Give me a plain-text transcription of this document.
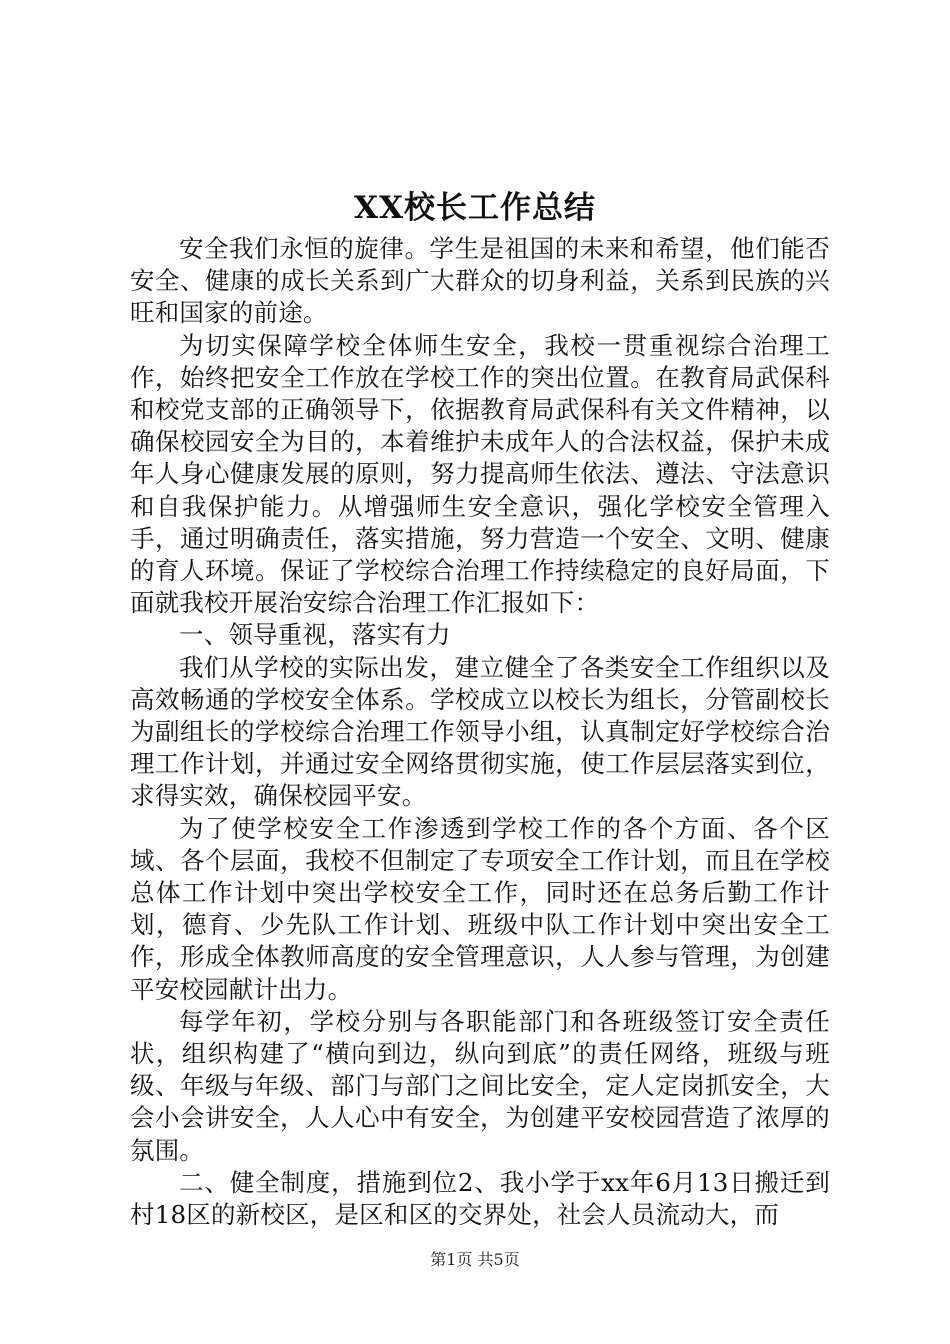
XX校长工作总结

安全我们永恒的旋律。学生是祖国的未来和希望，他们能否安全、健康的成长关系到广大群众的切身利益，关系到民族的兴旺和国家的前途。

为切实保障学校全体师生安全，我校一贯重视综合治理工作，始终把安全工作放在学校工作的突出位置。在教育局武保科和校党支部的正确领导下，依据教育局武保科有关文件精神，以确保校园安全为目的，本着维护未成年人的合法权益，保护未成年人身心健康发展的原则，努力提高师生依法、遵法、守法意识和自我保护能力。从增强师生安全意识，强化学校安全管理入手，通过明确责任，落实措施，努力营造一个安全、文明、健康的育人环境。保证了学校综合治理工作持续稳定的良好局面，下面就我校开展治安综合治理工作汇报如下：

一、领导重视，落实有力

我们从学校的实际出发，建立健全了各类安全工作组织以及高效畅通的学校安全体系。学校成立以校长为组长，分管副校长为副组长的学校综合治理工作领导小组，认真制定好学校综合治理工作计划，并通过安全网络贯彻实施，使工作层层落实到位，求得实效，确保校园平安。

为了使学校安全工作渗透到学校工作的各个方面、各个区域、各个层面，我校不但制定了专项安全工作计划，而且在学校总体工作计划中突出学校安全工作，同时还在总务后勤工作计划，德育、少先队工作计划、班级中队工作计划中突出安全工作，形成全体教师高度的安全管理意识，人人参与管理，为创建平安校园献计出力。

每学年初，学校分别与各职能部门和各班级签订安全责任状，组织构建了“横向到边，纵向到底”的责任网络，班级与班级、年级与年级、部门与部门之间比安全，定人定岗抓安全，大会小会讲安全，人人心中有安全，为创建平安校园营造了浓厚的氛围。

二、健全制度，措施到位2、我小学于xx年6月13日搬迁到村18区的新校区，是区和区的交界处，社会人员流动大，而

第1页 共5页
